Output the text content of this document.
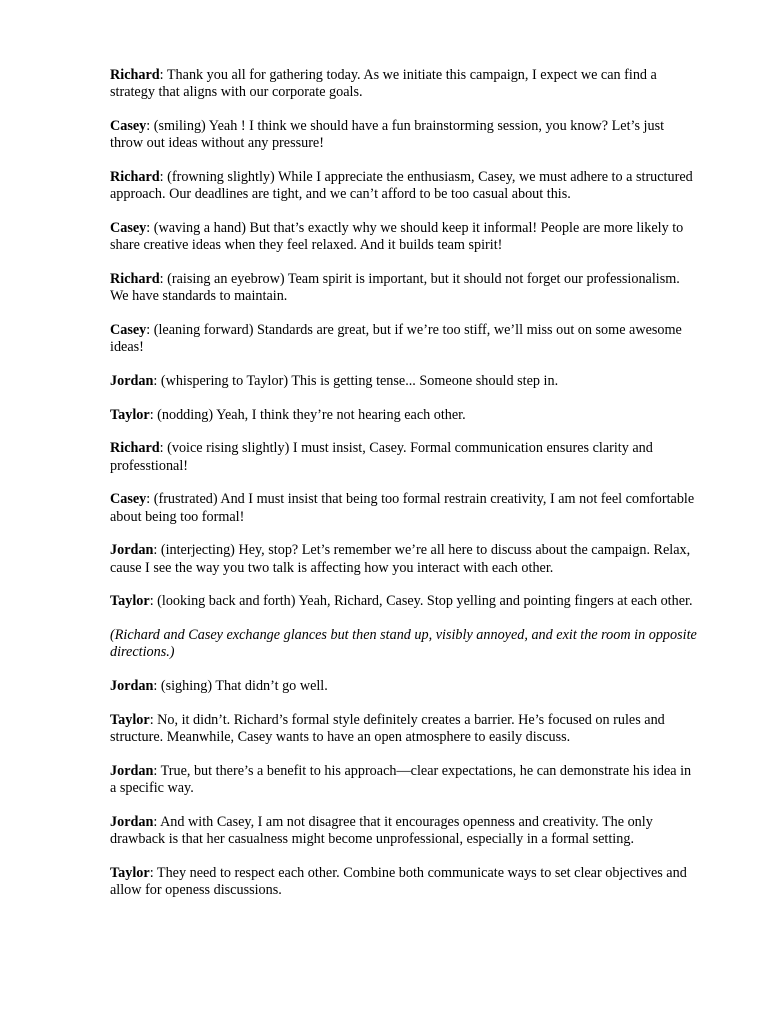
Richard: Thank you all for gathering today. As we initiate this campaign, I expect we can find a strategy that aligns with our corporate goals.

Casey: (smiling) Yeah ! I think we should have a fun brainstorming session, you know? Let’s just throw out ideas without any pressure!

Richard: (frowning slightly) While I appreciate the enthusiasm, Casey, we must adhere to a structured approach. Our deadlines are tight, and we can’t afford to be too casual about this.

Casey: (waving a hand) But that’s exactly why we should keep it informal! People are more likely to share creative ideas when they feel relaxed. And it builds team spirit!

Richard: (raising an eyebrow) Team spirit is important, but it should not forget our professionalism. We have standards to maintain.

Casey: (leaning forward) Standards are great, but if we’re too stiff, we’ll miss out on some awesome ideas!

Jordan: (whispering to Taylor) This is getting tense... Someone should step in.

Taylor: (nodding) Yeah, I think they’re not hearing each other.

Richard: (voice rising slightly) I must insist, Casey. Formal communication ensures clarity and professtional!

Casey: (frustrated) And I must insist that being too formal restrain creativity, I am not feel comfortable about being too formal!

Jordan: (interjecting) Hey, stop? Let’s remember we’re all here to discuss about the campaign. Relax, cause I see the way you two talk is affecting how you interact with each other.

Taylor: (looking back and forth) Yeah, Richard, Casey. Stop yelling and pointing fingers at each other.

(Richard and Casey exchange glances but then stand up, visibly annoyed, and exit the room in opposite directions.)

Jordan: (sighing) That didn’t go well.

Taylor: No, it didn’t. Richard’s formal style definitely creates a barrier. He’s focused on rules and structure. Meanwhile, Casey wants to have an open atmosphere to easily discuss.

Jordan: True, but there’s a benefit to his approach—clear expectations, he can demonstrate his idea in a specific way.

Jordan: And with Casey, I am not disagree that it encourages openness and creativity. The only drawback is that her casualness might become unprofessional, especially in a formal setting.

Taylor: They need to respect each other. Combine both communicate ways to set clear objectives and allow for openess discussions.
